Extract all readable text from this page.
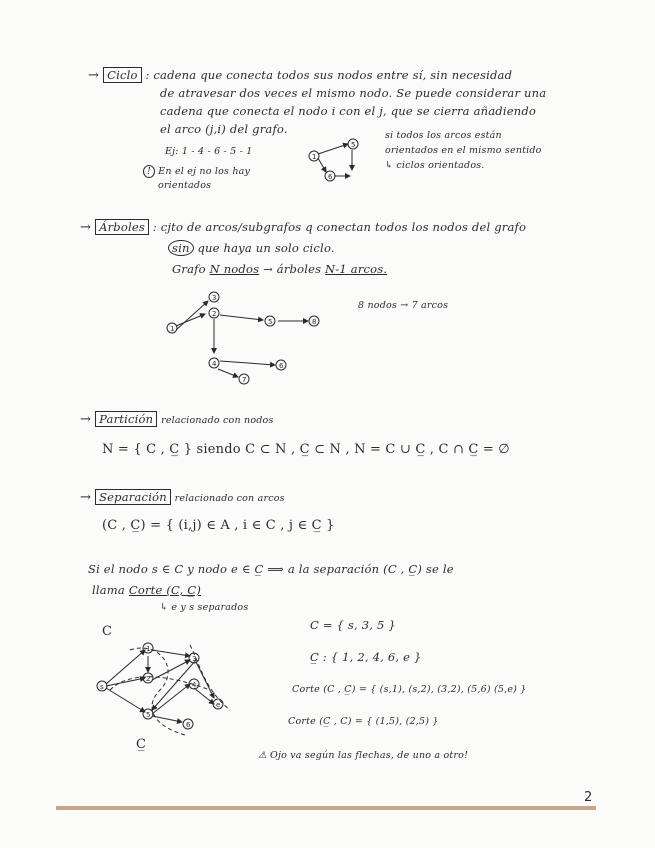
→ Ciclo : cadena que conecta todos sus nodos entre sí, sin necesidad
de atravesar dos veces el mismo nodo. Se puede considerar una
cadena que conecta el nodo i con el j, que se cierra añadiendo
el arco (j,i) del grafo.
Ej: 1 - 4 - 6 - 5 - 1
! En el ej no los hay
orientados
si todos los arcos están
orientados en el mismo sentido
↳ ciclos orientados.
1
5
6
→ Árboles : cjto de arcos/subgrafos q conectan todos los nodos del grafo
sin que haya un solo ciclo.
Grafo N nodos → árboles N-1 arcos.
8 nodos → 7 arcos
1
2
3
4
5
6
7
8
→ Partición relacionado con nodos
N = { C , C̲ } siendo C ⊂ N , C̲ ⊂ N , N = C ∪ C̲ , C ∩ C̲ = ∅
→ Separación relacionado con arcos
(C , C̲) = { (i,j) ∈ A , i ∈ C , j ∈ C̲ }
Si el nodo s ∈ C y nodo e ∈ C̲ ⟹ a la separación (C , C̲) se le
llama Corte (C, C̲)
↳ e y s separados
C
C̲
C = { s, 3, 5 }
C̲ : { 1, 2, 4, 6, e }
Corte (C , C̲) = { (s,1), (s,2), (3,2), (5,6) (5,e) }
Corte (C̲ , C) = { (1,5), (2,5) }
⚠ Ojo va según las flechas, de uno a otro!
s
1
2
3
4
5
6
e
2
